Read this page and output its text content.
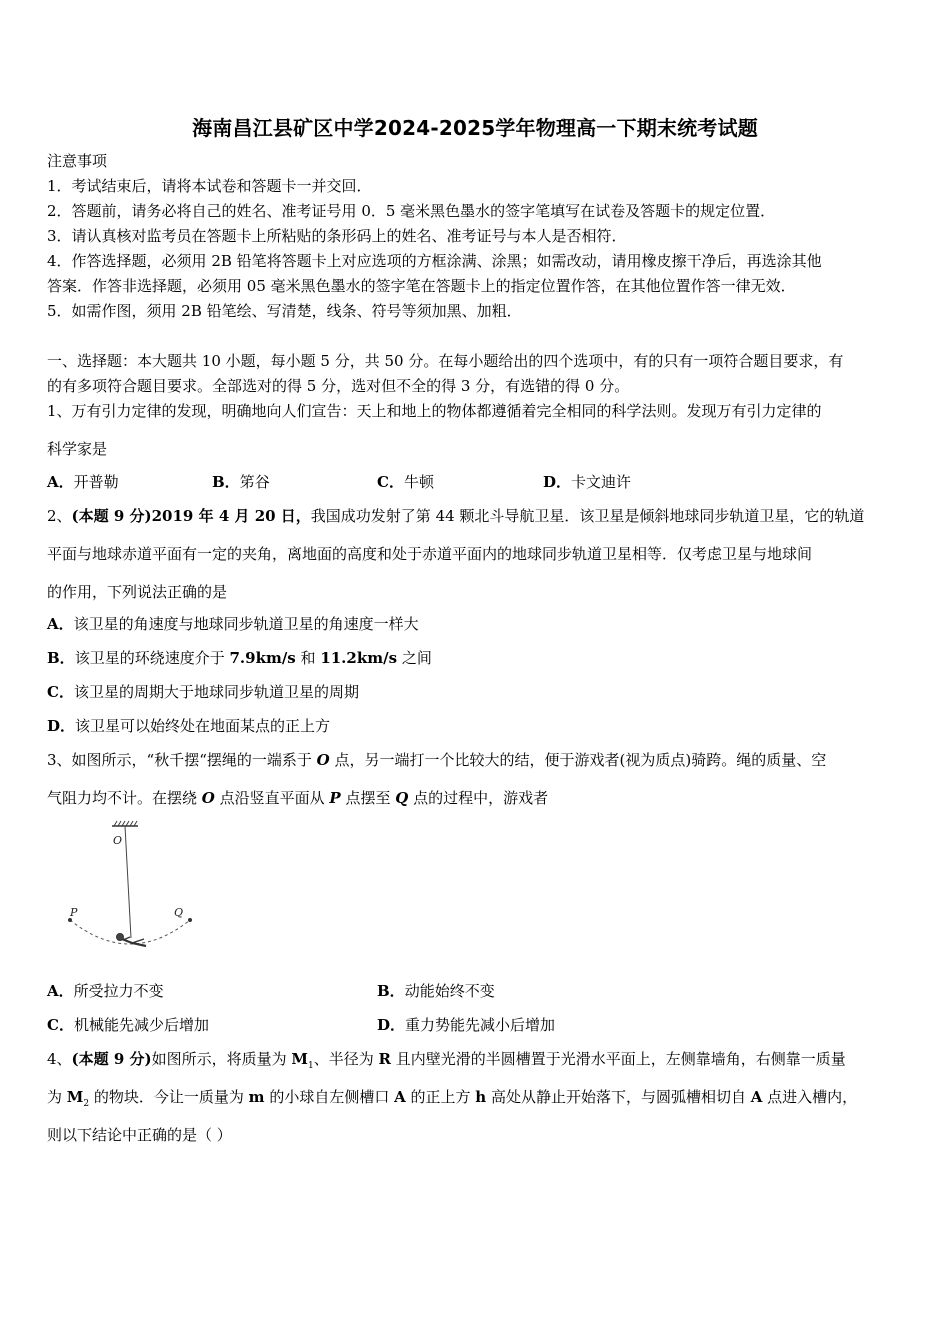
海南昌江县矿区中学2024-2025学年物理高一下期末统考试题
注意事项
1．考试结束后，请将本试卷和答题卡一并交回．
2．答题前，请务必将自己的姓名、准考证号用 0．5 毫米黑色墨水的签字笔填写在试卷及答题卡的规定位置．
3．请认真核对监考员在答题卡上所粘贴的条形码上的姓名、准考证号与本人是否相符．
4．作答选择题，必须用 2B 铅笔将答题卡上对应选项的方框涂满、涂黑；如需改动，请用橡皮擦干净后，再选涂其他
答案．作答非选择题，必须用 05 毫米黑色墨水的签字笔在答题卡上的指定位置作答，在其他位置作答一律无效．
5．如需作图，须用 2B 铅笔绘、写清楚，线条、符号等须加黑、加粗．
一、选择题：本大题共 10 小题，每小题 5 分，共 50 分。在每小题给出的四个选项中，有的只有一项符合题目要求，有
的有多项符合题目要求。全部选对的得 5 分，选对但不全的得 3 分，有选错的得 0 分。
1、万有引力定律的发现，明确地向人们宣告：天上和地上的物体都遵循着完全相同的科学法则。发现万有引力定律的
科学家是
A．开普勒	B．笫谷	C．牛顿	D．卡文迪许
2、(本题 9 分)2019 年 4 月 20 日，我国成功发射了第 44 颗北斗导航卫星．该卫星是倾斜地球同步轨道卫星，它的轨道
平面与地球赤道平面有一定的夹角，离地面的高度和处于赤道平面内的地球同步轨道卫星相等．仅考虑卫星与地球间
的作用，下列说法正确的是
A．该卫星的角速度与地球同步轨道卫星的角速度一样大
B．该卫星的环绕速度介于 7.9km/s 和 11.2km/s 之间
C．该卫星的周期大于地球同步轨道卫星的周期
D．该卫星可以始终处在地面某点的正上方
3、如图所示，“秋千摆“摆绳的一端系于 O 点，另一端打一个比较大的结，便于游戏者(视为质点)骑跨。绳的质量、空
气阻力均不计。在摆绕 O 点沿竖直平面从 P 点摆至 Q 点的过程中，游戏者
O
P	Q
A．所受拉力不变	B．动能始终不变
C．机械能先减少后增加	D．重力势能先减小后增加
4、(本题 9 分)如图所示，将质量为 $M_1$、半径为 R 且内壁光滑的半圆槽置于光滑水平面上，左侧靠墙角，右侧靠一质量
为 $M_2$ 的物块．今让一质量为 m 的小球自左侧槽口 A 的正上方 h 高处从静止开始落下，与圆弧槽相切自 A 点进入槽内，
则以下结论中正确的是（ ）
